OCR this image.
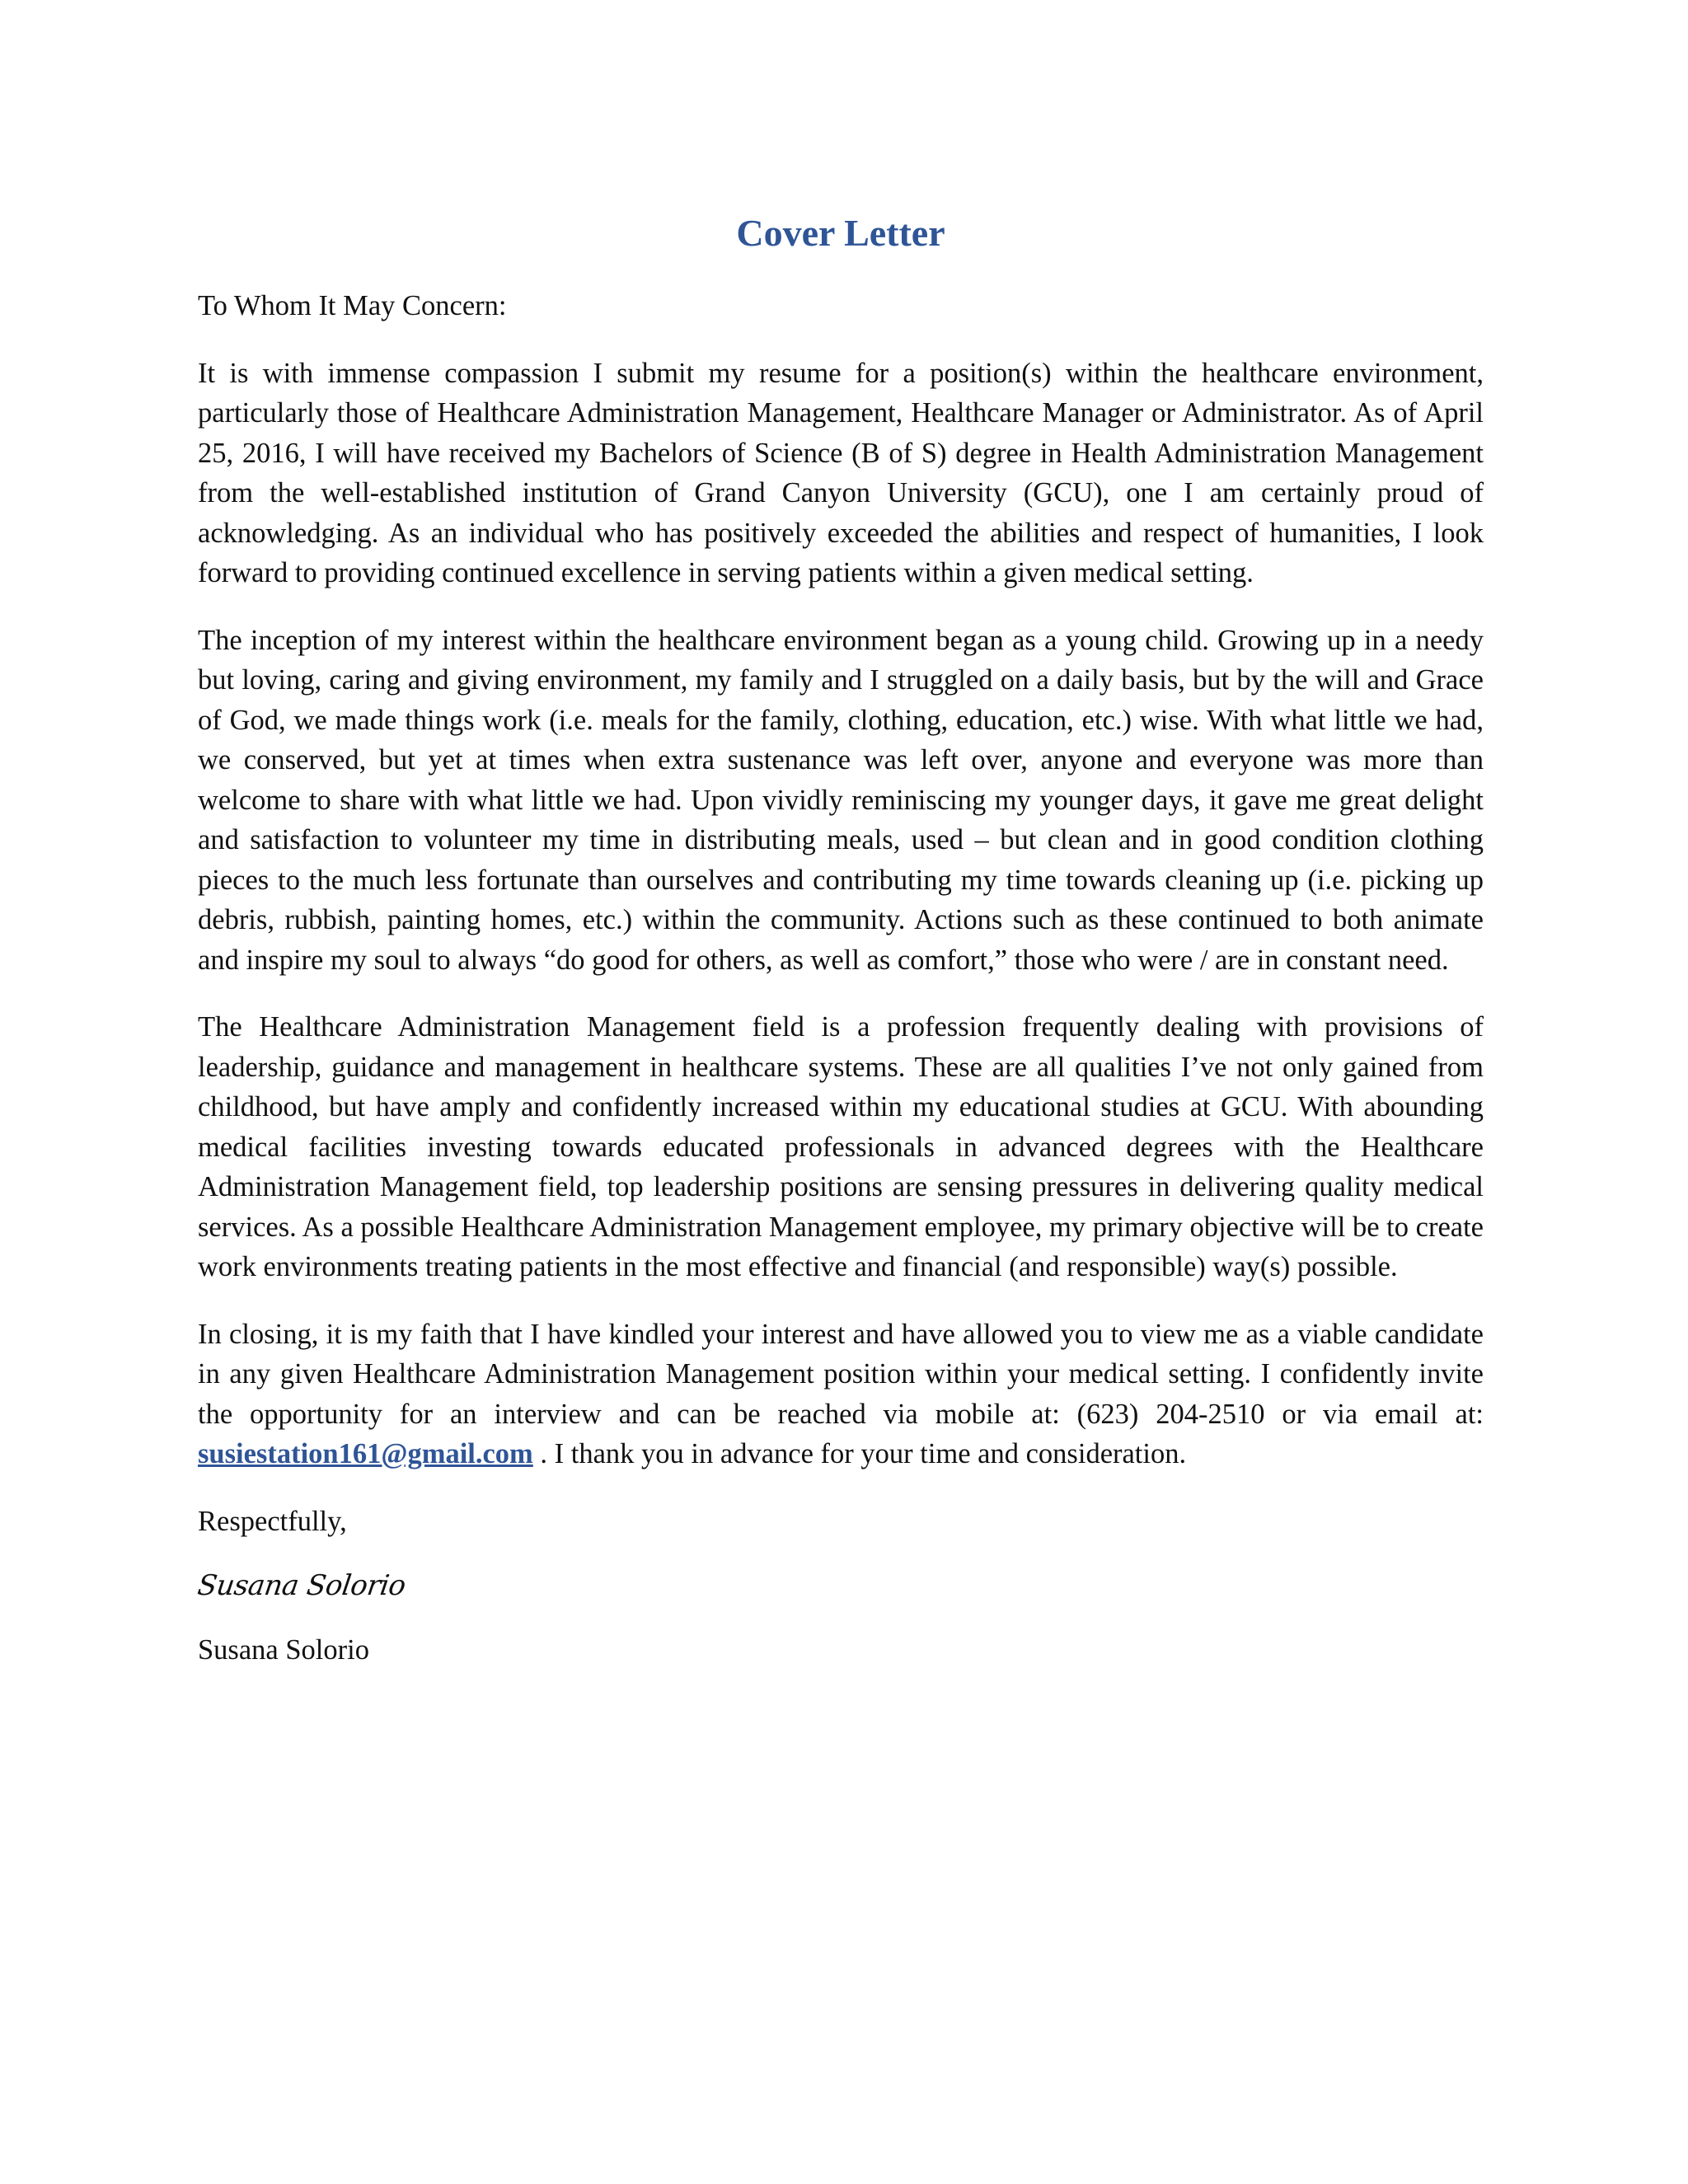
Cover Letter
To Whom It May Concern:

It is with immense compassion I submit my resume for a position(s) within the healthcare environment, particularly those of Healthcare Administration Management, Healthcare Manager or Administrator. As of April 25, 2016, I will have received my Bachelors of Science (B of S) degree in Health Administration Management from the well-established institution of Grand Canyon University (GCU), one I am certainly proud of acknowledging. As an individual who has positively exceeded the abilities and respect of humanities, I look forward to providing continued excellence in serving patients within a given medical setting.

The inception of my interest within the healthcare environment began as a young child. Growing up in a needy but loving, caring and giving environment, my family and I struggled on a daily basis, but by the will and Grace of God, we made things work (i.e. meals for the family, clothing, education, etc.) wise. With what little we had, we conserved, but yet at times when extra sustenance was left over, anyone and everyone was more than welcome to share with what little we had. Upon vividly reminiscing my younger days, it gave me great delight and satisfaction to volunteer my time in distributing meals, used – but clean and in good condition clothing pieces to the much less fortunate than ourselves and contributing my time towards cleaning up (i.e. picking up debris, rubbish, painting homes, etc.) within the community. Actions such as these continued to both animate and inspire my soul to always “do good for others, as well as comfort,” those who were / are in constant need.

The Healthcare Administration Management field is a profession frequently dealing with provisions of leadership, guidance and management in healthcare systems. These are all qualities I’ve not only gained from childhood, but have amply and confidently increased within my educational studies at GCU. With abounding medical facilities investing towards educated professionals in advanced degrees with the Healthcare Administration Management field, top leadership positions are sensing pressures in delivering quality medical services. As a possible Healthcare Administration Management employee, my primary objective will be to create work environments treating patients in the most effective and financial (and responsible) way(s) possible.

In closing, it is my faith that I have kindled your interest and have allowed you to view me as a viable candidate in any given Healthcare Administration Management position within your medical setting. I confidently invite the opportunity for an interview and can be reached via mobile at: (623) 204-2510 or via email at: susiestation161@gmail.com . I thank you in advance for your time and consideration.

Respectfully,
Susana Solorio
Susana Solorio
